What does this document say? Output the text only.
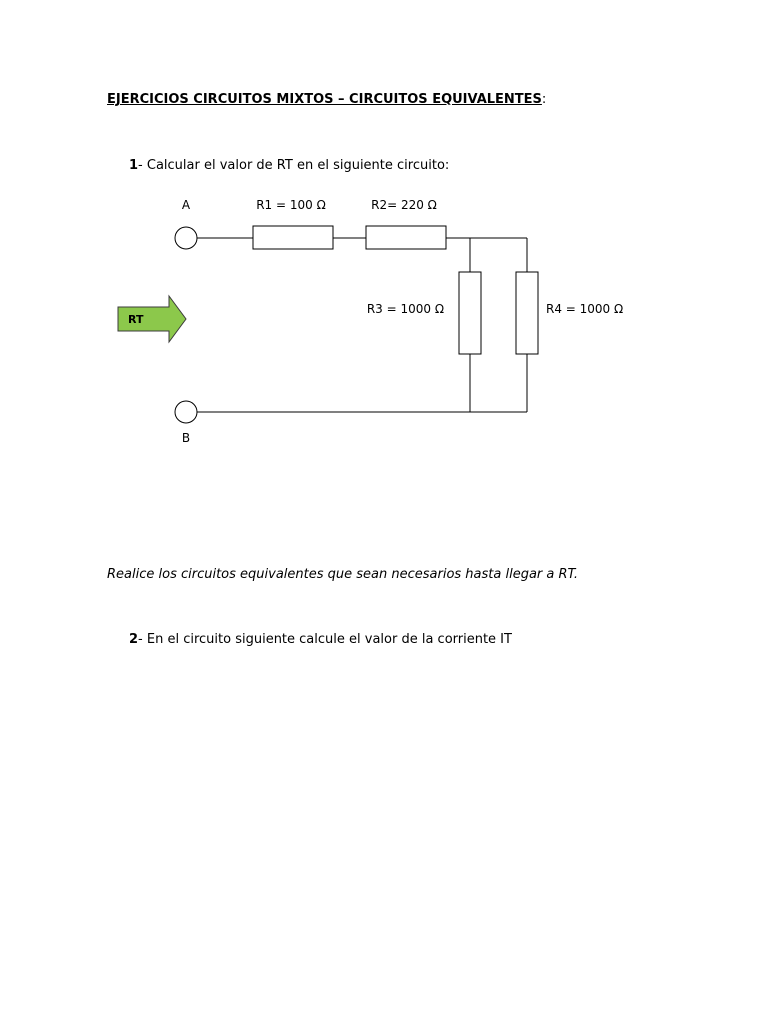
EJERCICIOS CIRCUITOS MIXTOS – CIRCUITOS EQUIVALENTES:
1- Calcular el valor de RT en el siguiente circuito:
A
B
R1 = 100 Ω	R2= 220 Ω
R3 = 1000 Ω	R4 = 1000 Ω
RT
Realice los circuitos equivalentes que sean necesarios hasta llegar a RT.
2- En el circuito siguiente calcule el valor de la corriente IT
